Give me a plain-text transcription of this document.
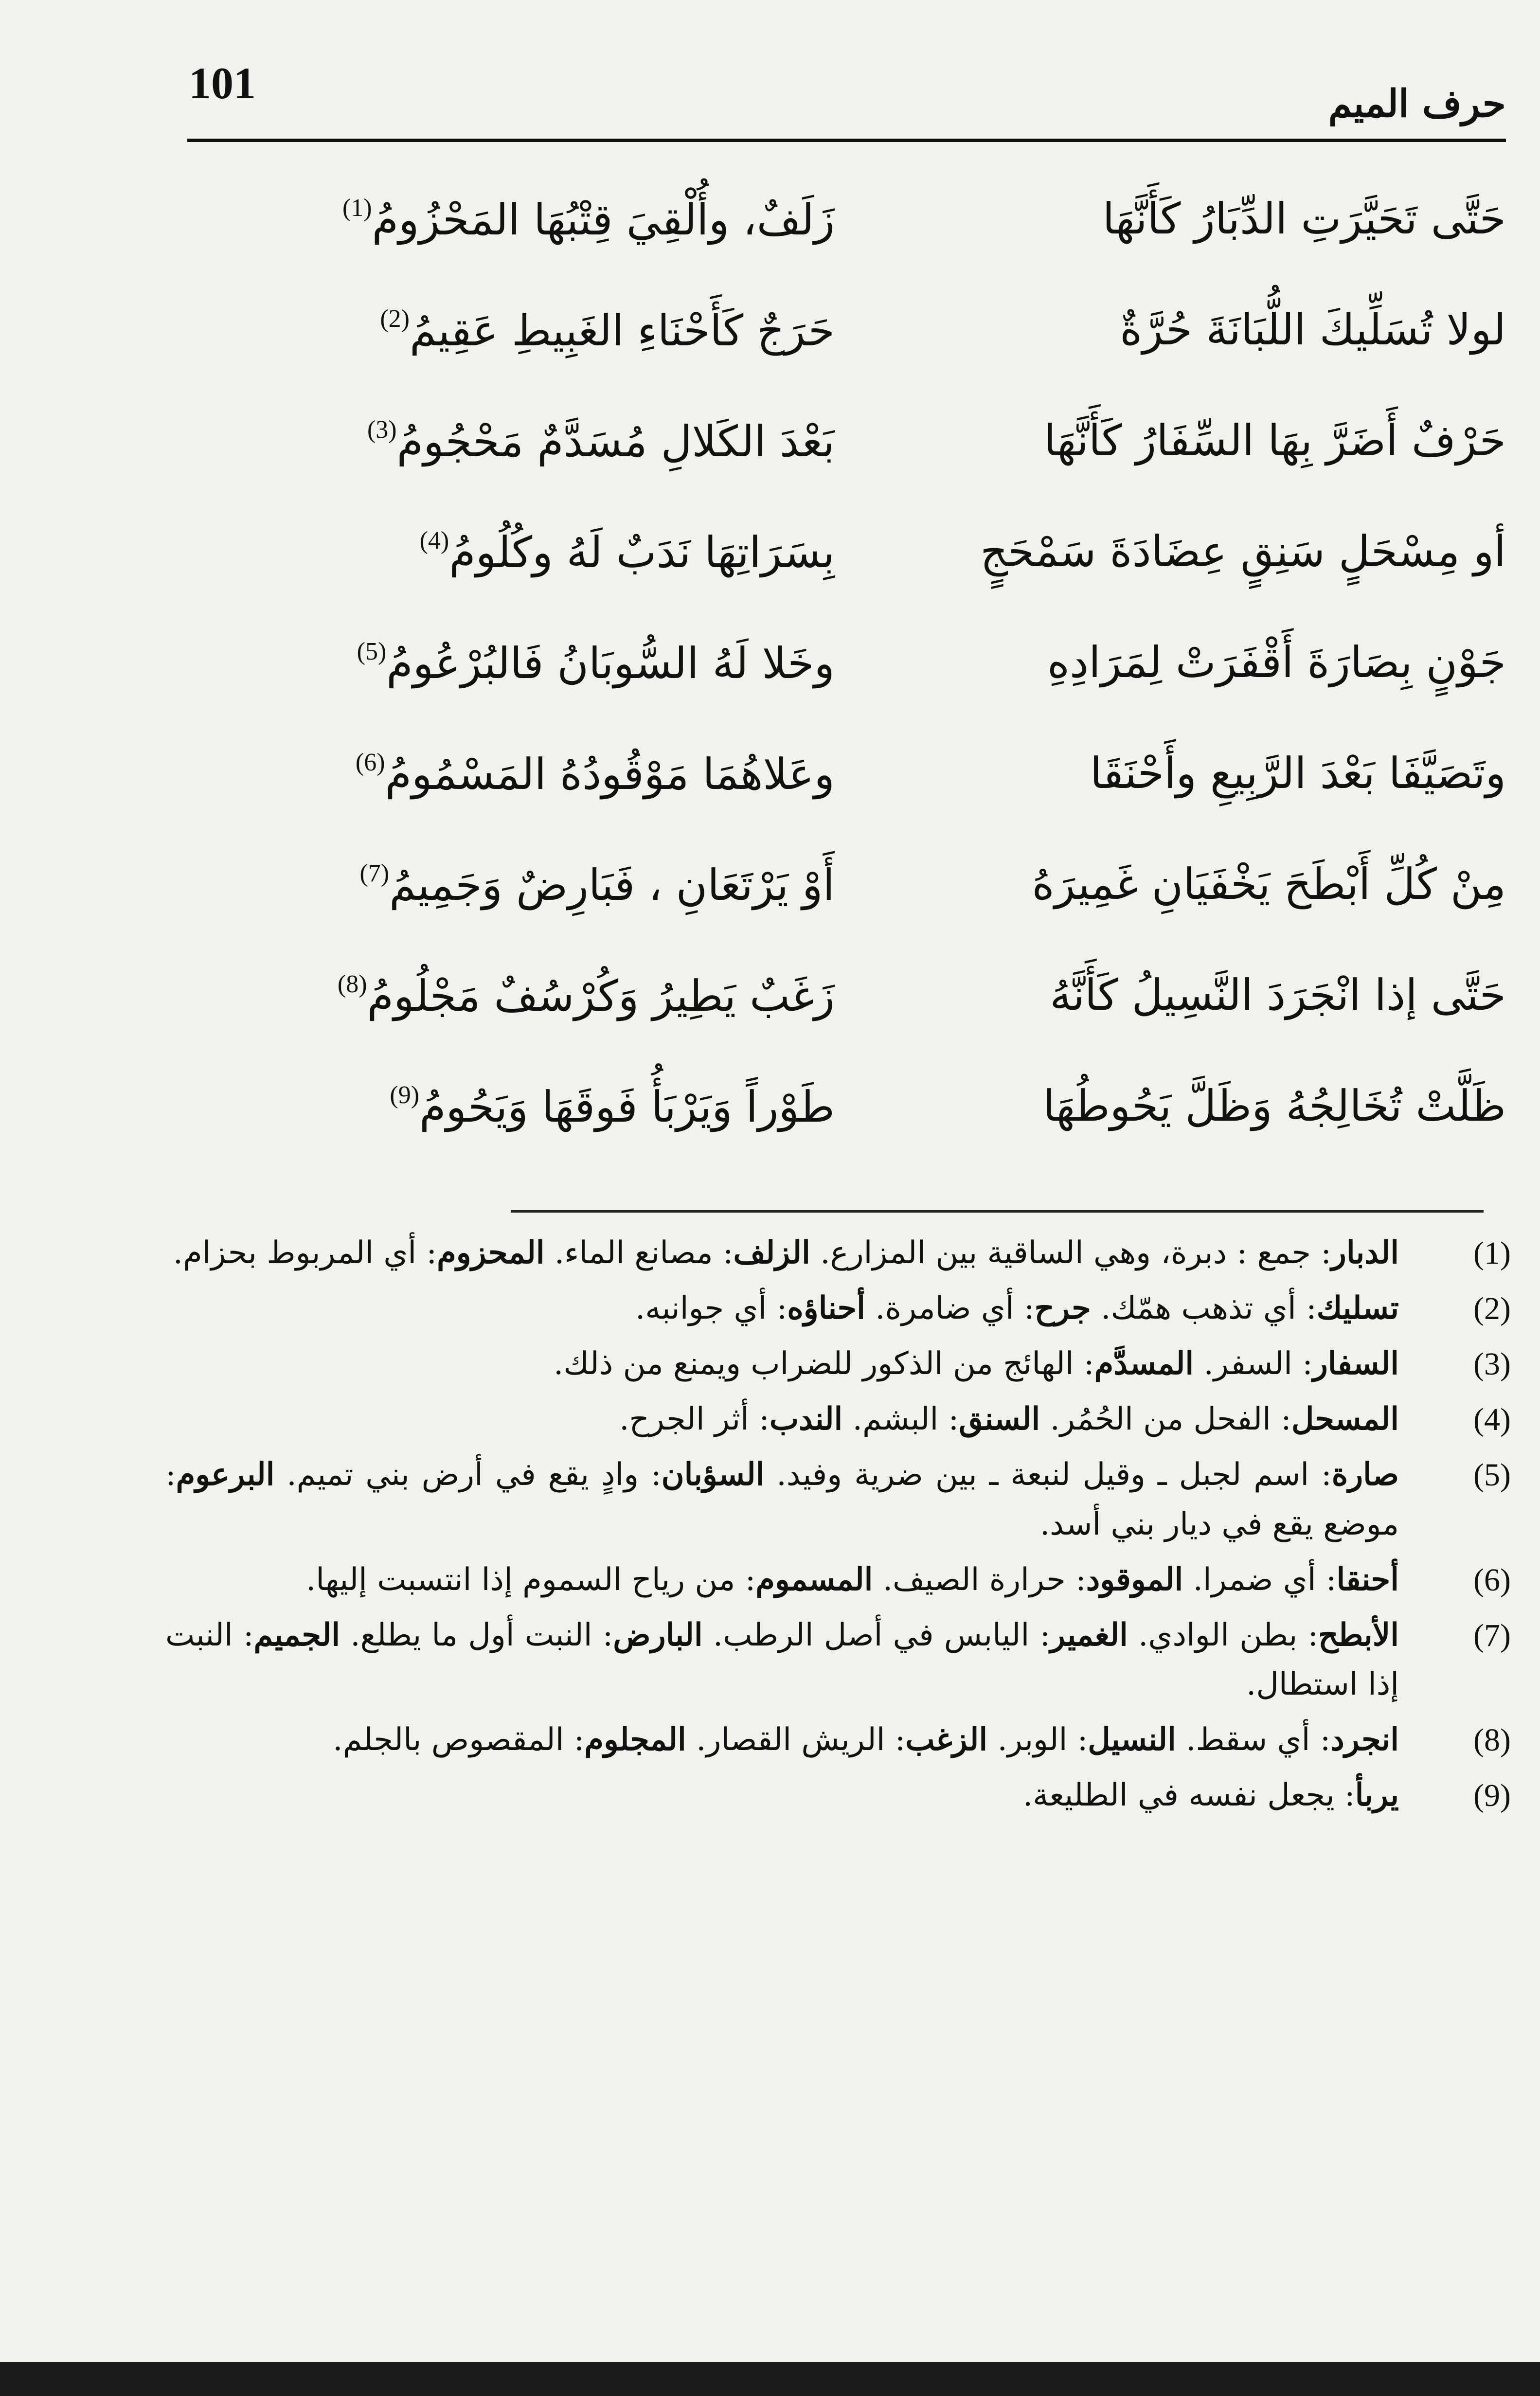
101	حرف الميم
حَتَّى تَحَيَّرَتِ الدِّبَارُ كَأَنَّهَا
زَلَفٌ، وأُلْقِيَ قِتْبُهَا المَحْزُومُ$^{(1)}$
لولا تُسَلِّيكَ اللُّبَانَةَ حُرَّةٌ
حَرَجٌ كَأَحْنَاءِ الغَبِيطِ عَقِيمُ$^{(2)}$
حَرْفٌ أَضَرَّ بِهَا السِّفَارُ كَأَنَّهَا
بَعْدَ الكَلالِ مُسَدَّمٌ مَحْجُومُ$^{(3)}$
أو مِسْحَلٍ سَنِقٍ عِضَادَةَ سَمْحَجٍ
بِسَرَاتِهَا نَدَبٌ لَهُ وكُلُومُ$^{(4)}$
جَوْنٍ بِصَارَةَ أَقْفَرَتْ لِمَرَادِهِ
وخَلا لَهُ السُّوبَانُ فَالبُرْعُومُ$^{(5)}$
وتَصَيَّفَا بَعْدَ الرَّبِيعِ وأَحْنَقَا
وعَلاهُمَا مَوْقُودُهُ المَسْمُومُ$^{(6)}$
مِنْ كُلِّ أَبْطَحَ يَخْفَيَانِ غَمِيرَهُ
أَوْ يَرْتَعَانِ ، فَبَارِضٌ وَجَمِيمُ$^{(7)}$
حَتَّى إذا انْجَرَدَ النَّسِيلُ كَأَنَّهُ
زَغَبٌ يَطِيرُ وَكُرْسُفٌ مَجْلُومُ$^{(8)}$
ظَلَّتْ تُخَالِجُهُ وَظَلَّ يَحُوطُهَا
طَوْراً وَيَرْبَأُ فَوقَهَا وَيَحُومُ$^{(9)}$
(1)
الدبار: جمع : دبرة، وهي الساقية بين المزارع. الزلف: مصانع الماء. المحزوم: أي المربوط بحزام.
(2)
تسليك: أي تذهب همّك. جرح: أي ضامرة. أحناؤه: أي جوانبه.
(3)
السفار: السفر. المسدَّم: الهائج من الذكور للضراب ويمنع من ذلك.
(4)
المسحل: الفحل من الحُمُر. السنق: البشم. الندب: أثر الجرح.
(5)
صارة: اسم لجبل ـ وقيل لنبعة ـ بين ضرية وفيد. السؤبان: وادٍ يقع في أرض بني تميم. البرعوم: موضع يقع في ديار بني أسد.
(6)
أحنقا: أي ضمرا. الموقود: حرارة الصيف. المسموم: من رياح السموم إذا انتسبت إليها.
(7)
الأبطح: بطن الوادي. الغمير: اليابس في أصل الرطب. البارض: النبت أول ما يطلع. الجميم: النبت إذا استطال.
(8)
انجرد: أي سقط. النسيل: الوبر. الزغب: الريش القصار. المجلوم: المقصوص بالجلم.
(9)
يربأ: يجعل نفسه في الطليعة.
